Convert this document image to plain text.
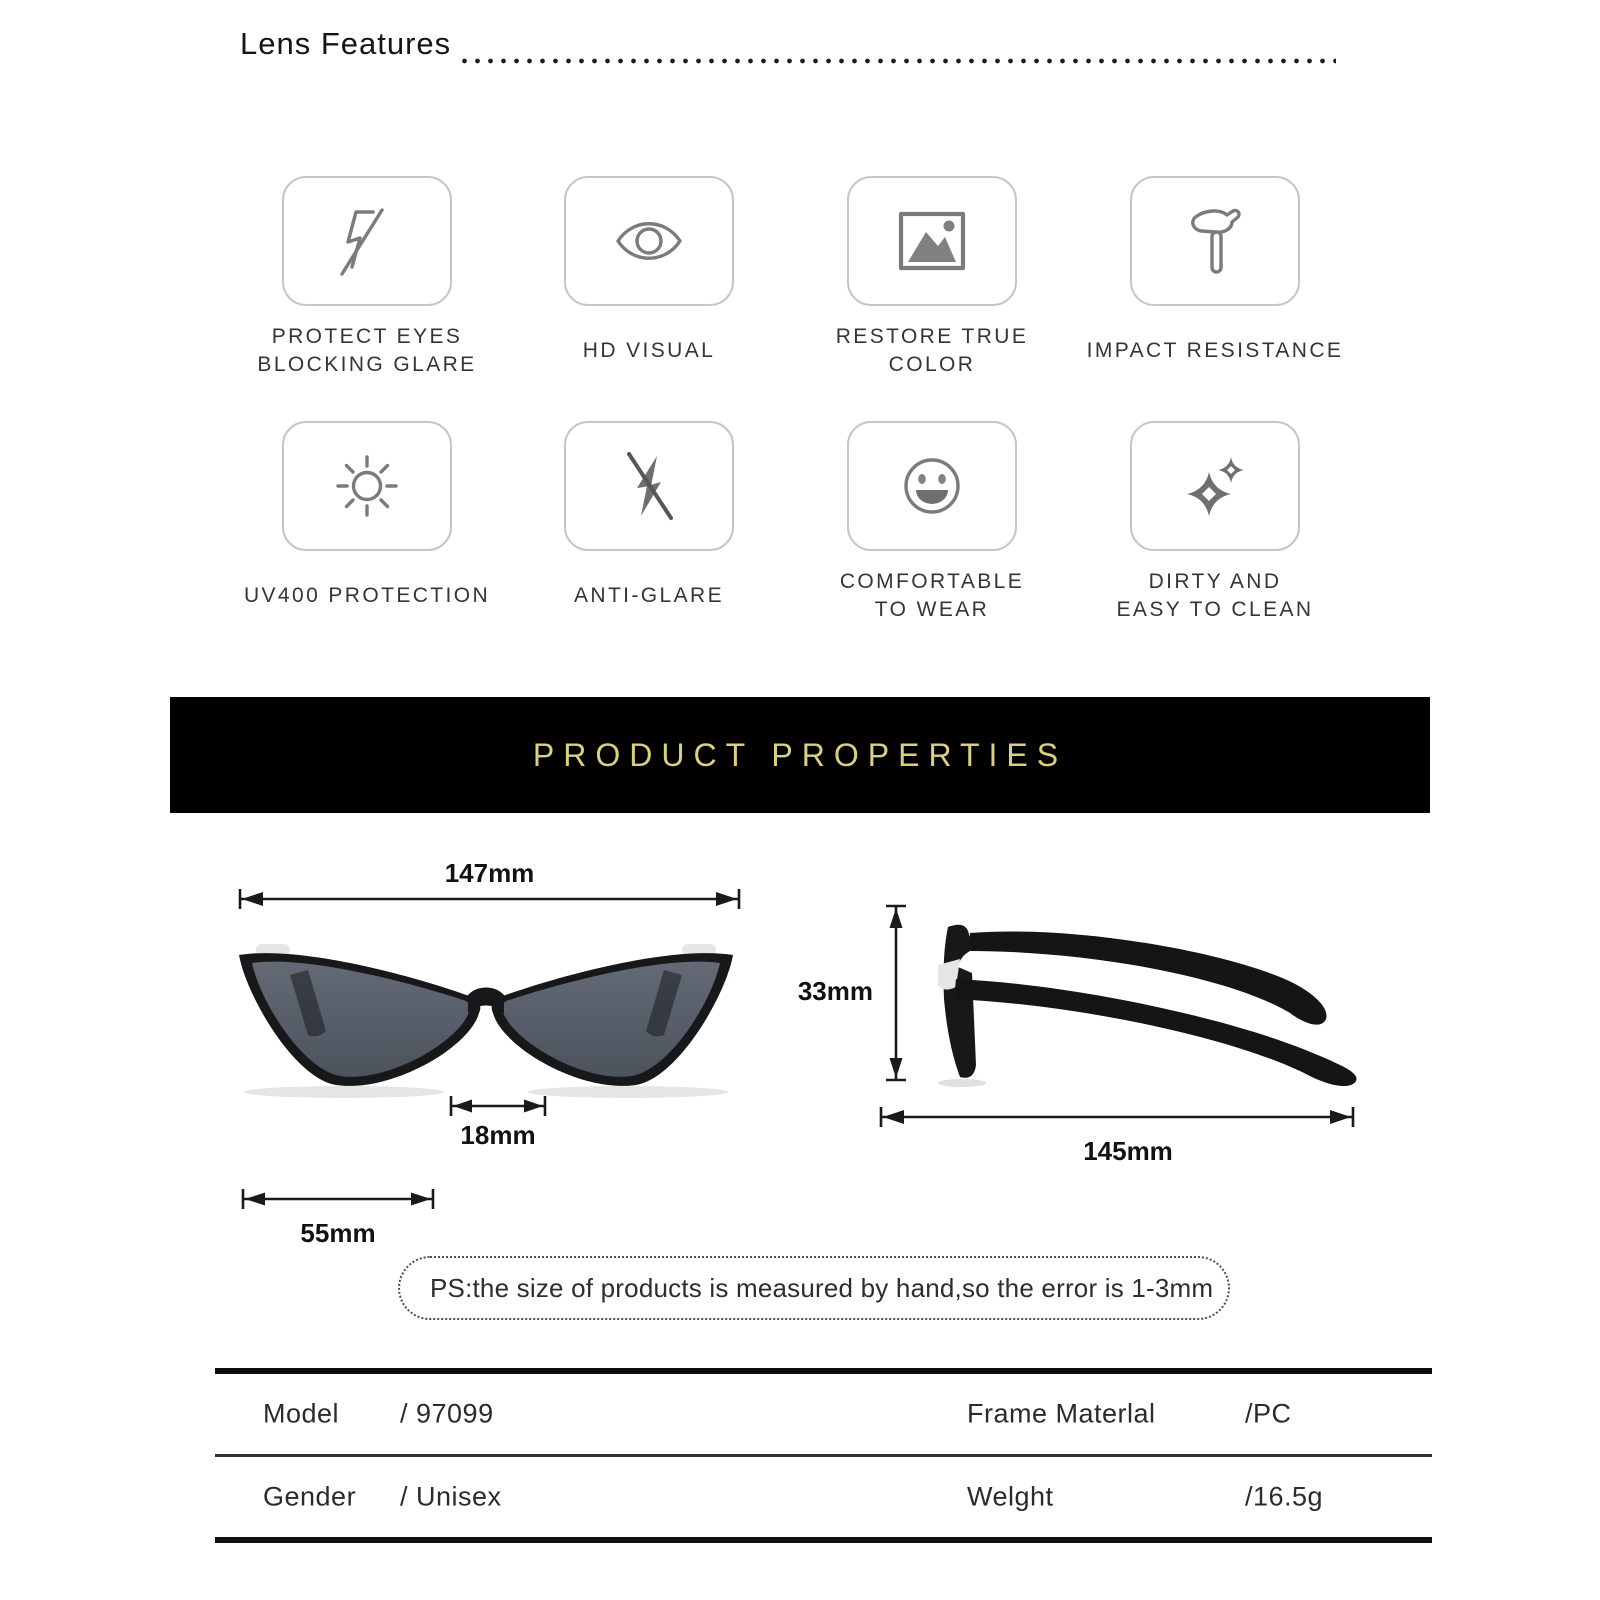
Lens Features
PROTECT EYES
BLOCKING GLARE
HD VISUAL
RESTORE TRUE COLOR
IMPACT RESISTANCE
UV400 PROTECTION	ANTI-GLARE
COMFORTABLE
TO WEAR
DIRTY AND
EASY TO CLEAN
PRODUCT PROPERTIES
147mm
18mm
55mm
33mm
145mm
PS:the size of products is measured by hand,so the error is 1-3mm
Model / 97099	Frame Materlal	/PC
Gender / Unisex	Welght	/16.5g
